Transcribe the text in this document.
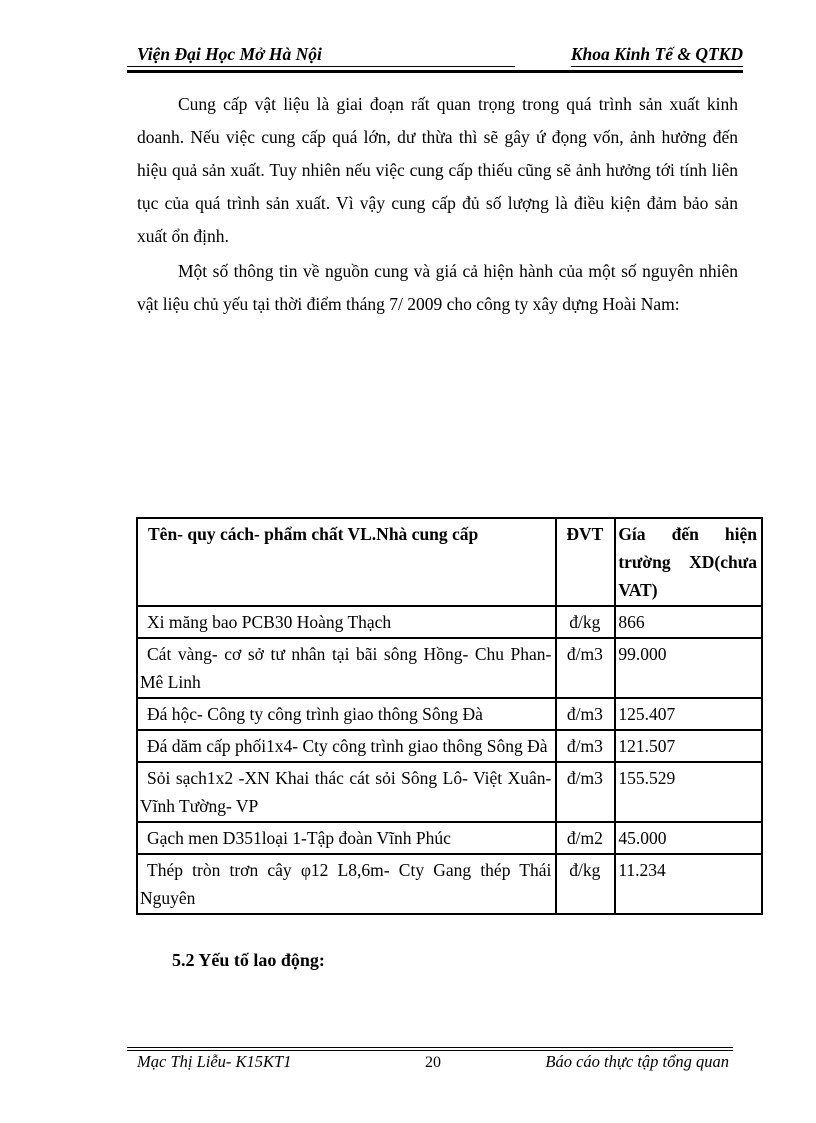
Viện Đại Học Mở Hà Nội	Khoa Kinh Tế & QTKD

Cung cấp vật liệu là giai đoạn rất quan trọng trong quá trình sản xuất kinh doanh. Nếu việc cung cấp quá lớn, dư thừa thì sẽ gây ứ đọng vốn, ảnh hưởng đến hiệu quả sản xuất. Tuy nhiên nếu việc cung cấp thiếu cũng sẽ ảnh hưởng tới tính liên tục của quá trình sản xuất. Vì vậy cung cấp đủ số lượng là điều kiện đảm bảo sản xuất ổn định.

Một số thông tin về nguồn cung và giá cả hiện hành của một số nguyên nhiên vật liệu chủ yếu tại thời điểm tháng 7/ 2009 cho công ty xây dựng Hoài Nam:

Tên- quy cách- phẩm chất VL.Nhà cung cấp	ĐVT	Gía đến hiện trường XD(chưa VAT)
Xi măng bao PCB30 Hoàng Thạch	đ/kg	866
Cát vàng- cơ sở tư nhân tại bãi sông Hồng- Chu Phan- Mê Linh	đ/m3	99.000
Đá hộc- Công ty công trình giao thông Sông Đà	đ/m3	125.407
Đá dăm cấp phối1x4- Cty công trình giao thông Sông Đà	đ/m3	121.507
Sỏi sạch1x2 -XN Khai thác cát sỏi Sông Lô- Việt Xuân- Vĩnh Tường- VP	đ/m3	155.529
Gạch men D351loại 1-Tập đoàn Vĩnh Phúc	đ/m2	45.000
Thép tròn trơn cây φ12 L8,6m- Cty Gang thép Thái Nguyên	đ/kg	11.234
5.2 Yếu tố lao động:
Mạc Thị Liễu- K15KT1	20	Báo cáo thực tập tổng quan
